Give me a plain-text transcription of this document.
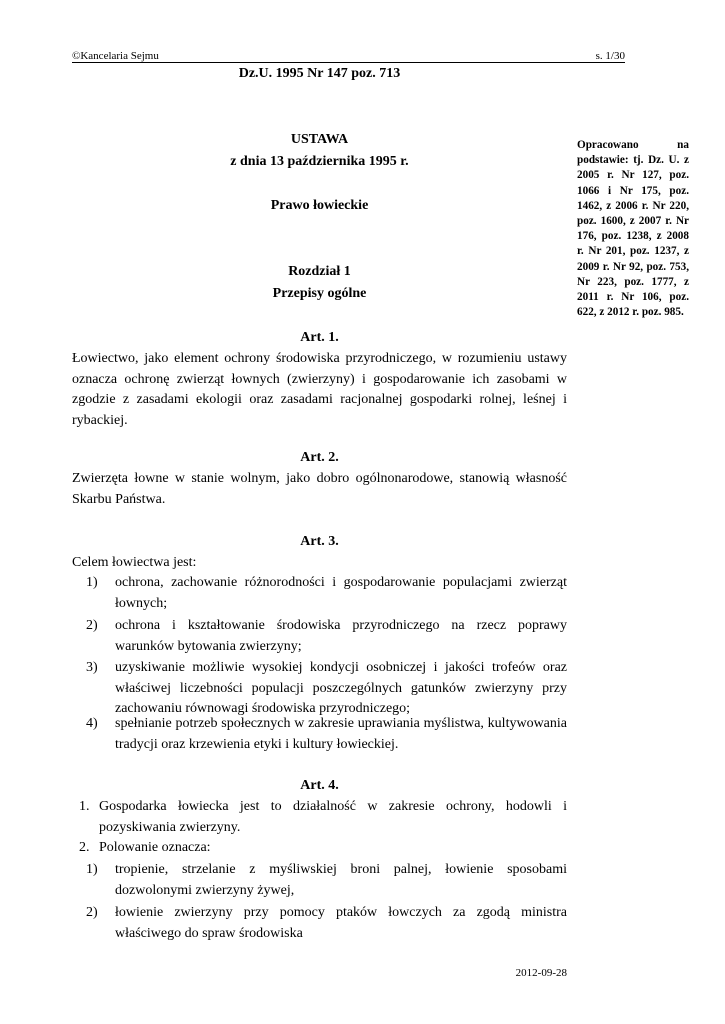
©Kancelaria Sejmu	s. 1/30
Dz.U. 1995 Nr 147 poz. 713
USTAWA
z dnia 13 października 1995 r.
Prawo łowieckie
Opracowano na podstawie: tj. Dz. U. z 2005 r. Nr 127, poz. 1066 i Nr 175, poz. 1462, z 2006 r. Nr 220, poz. 1600, z 2007 r. Nr 176, poz. 1238, z 2008 r. Nr 201, poz. 1237, z 2009 r. Nr 92, poz. 753, Nr 223, poz. 1777, z 2011 r. Nr 106, poz. 622, z 2012 r. poz. 985.
Rozdział 1
Przepisy ogólne
Art. 1.
Łowiectwo, jako element ochrony środowiska przyrodniczego, w rozumieniu ustawy oznacza ochronę zwierząt łownych (zwierzyny) i gospodarowanie ich zasobami w zgodzie z zasadami ekologii oraz zasadami racjonalnej gospodarki rolnej, leśnej i rybackiej.
Art. 2.
Zwierzęta łowne w stanie wolnym, jako dobro ogólnonarodowe, stanowią własność Skarbu Państwa.
Art. 3.
Celem łowiectwa jest:
1)	ochrona, zachowanie różnorodności i gospodarowanie populacjami zwierząt łownych;
2)	ochrona i kształtowanie środowiska przyrodniczego na rzecz poprawy warunków bytowania zwierzyny;
3)	uzyskiwanie możliwie wysokiej kondycji osobniczej i jakości trofeów oraz właściwej liczebności populacji poszczególnych gatunków zwierzyny przy zachowaniu równowagi środowiska przyrodniczego;
4)	spełnianie potrzeb społecznych w zakresie uprawiania myślistwa, kultywowania tradycji oraz krzewienia etyki i kultury łowieckiej.
Art. 4.
1. Gospodarka łowiecka jest to działalność w zakresie ochrony, hodowli i pozyskiwania zwierzyny.
2. Polowanie oznacza:
1)	tropienie, strzelanie z myśliwskiej broni palnej, łowienie sposobami dozwolonymi zwierzyny żywej,
2)	łowienie zwierzyny przy pomocy ptaków łowczych za zgodą ministra właściwego do spraw środowiska
2012-09-28
